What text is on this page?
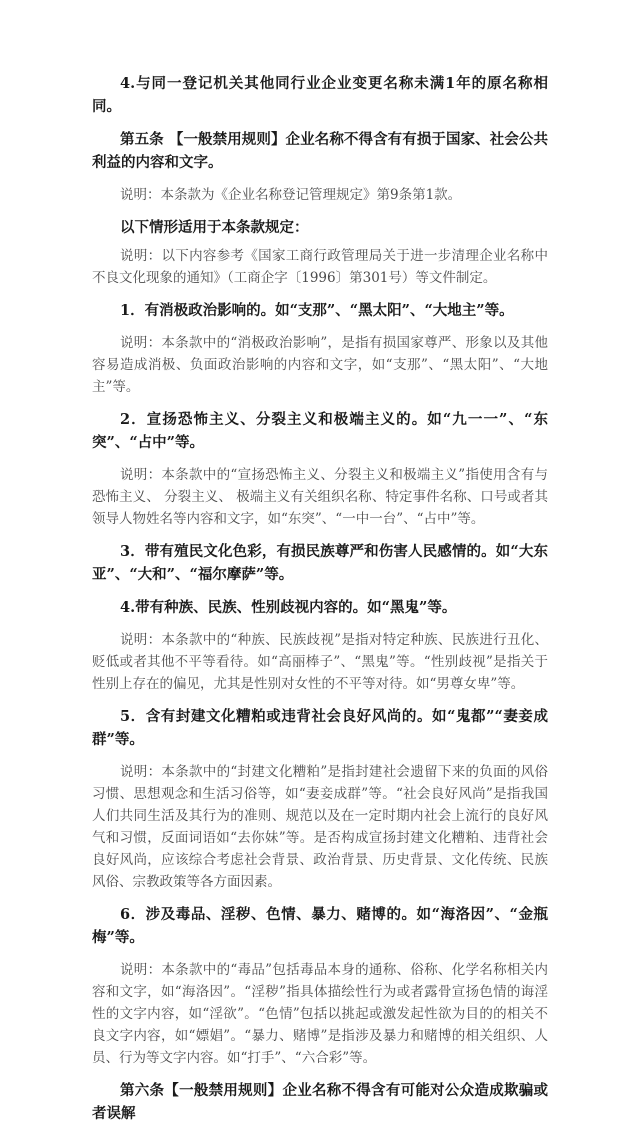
4.与同一登记机关其他同行业企业变更名称未满1年的原名称相同。

第五条 【一般禁用规则】企业名称不得含有有损于国家、社会公共利益的内容和文字。

说明：本条款为《企业名称登记管理规定》第9条第1款。

以下情形适用于本条款规定：

说明：以下内容参考《国家工商行政管理局关于进一步清理企业名称中不良文化现象的通知》（工商企字〔1996〕第301号）等文件制定。

1．有消极政治影响的。如“支那”、“黑太阳”、“大地主”等。

说明：本条款中的“消极政治影响”，是指有损国家尊严、形象以及其他容易造成消极、负面政治影响的内容和文字，如“支那”、“黑太阳”、“大地主”等。

2．宣扬恐怖主义、分裂主义和极端主义的。如“九一一”、“东突”、“占中”等。

说明：本条款中的“宣扬恐怖主义、分裂主义和极端主义”指使用含有与恐怖主义、 分裂主义、 极端主义有关组织名称、特定事件名称、口号或者其领导人物姓名等内容和文字，如“东突”、“一中一台”、“占中”等。

3．带有殖民文化色彩，有损民族尊严和伤害人民感情的。如“大东亚”、“大和”、“福尔摩萨”等。

4.带有种族、民族、性别歧视内容的。如“黑鬼”等。

说明：本条款中的“种族、民族歧视”是指对特定种族、民族进行丑化、贬低或者其他不平等看待。如“高丽棒子”、“黑鬼”等。“性别歧视”是指关于性别上存在的偏见，尤其是性别对女性的不平等对待。如“男尊女卑”等。

5．含有封建文化糟粕或违背社会良好风尚的。如“鬼都”“妻妾成群”等。

说明：本条款中的“封建文化糟粕”是指封建社会遗留下来的负面的风俗习惯、思想观念和生活习俗等，如“妻妾成群”等。“社会良好风尚”是指我国人们共同生活及其行为的准则、规范以及在一定时期内社会上流行的良好风气和习惯，反面词语如“去你妹”等。是否构成宣扬封建文化糟粕、违背社会良好风尚，应该综合考虑社会背景、政治背景、历史背景、文化传统、民族风俗、宗教政策等各方面因素。

6．涉及毒品、淫秽、色情、暴力、赌博的。如“海洛因”、“金瓶梅”等。

说明：本条款中的“毒品”包括毒品本身的通称、俗称、化学名称相关内容和文字，如“海洛因”。“淫秽”指具体描绘性行为或者露骨宣扬色情的诲淫性的文字内容，如“淫欲”。“色情”包括以挑起或激发起性欲为目的的相关不良文字内容，如“嫖娼”。“暴力、赌博”是指涉及暴力和赌博的相关组织、人员、行为等文字内容。如“打手”、“六合彩”等。

第六条【一般禁用规则】企业名称不得含有可能对公众造成欺骗或者误解
